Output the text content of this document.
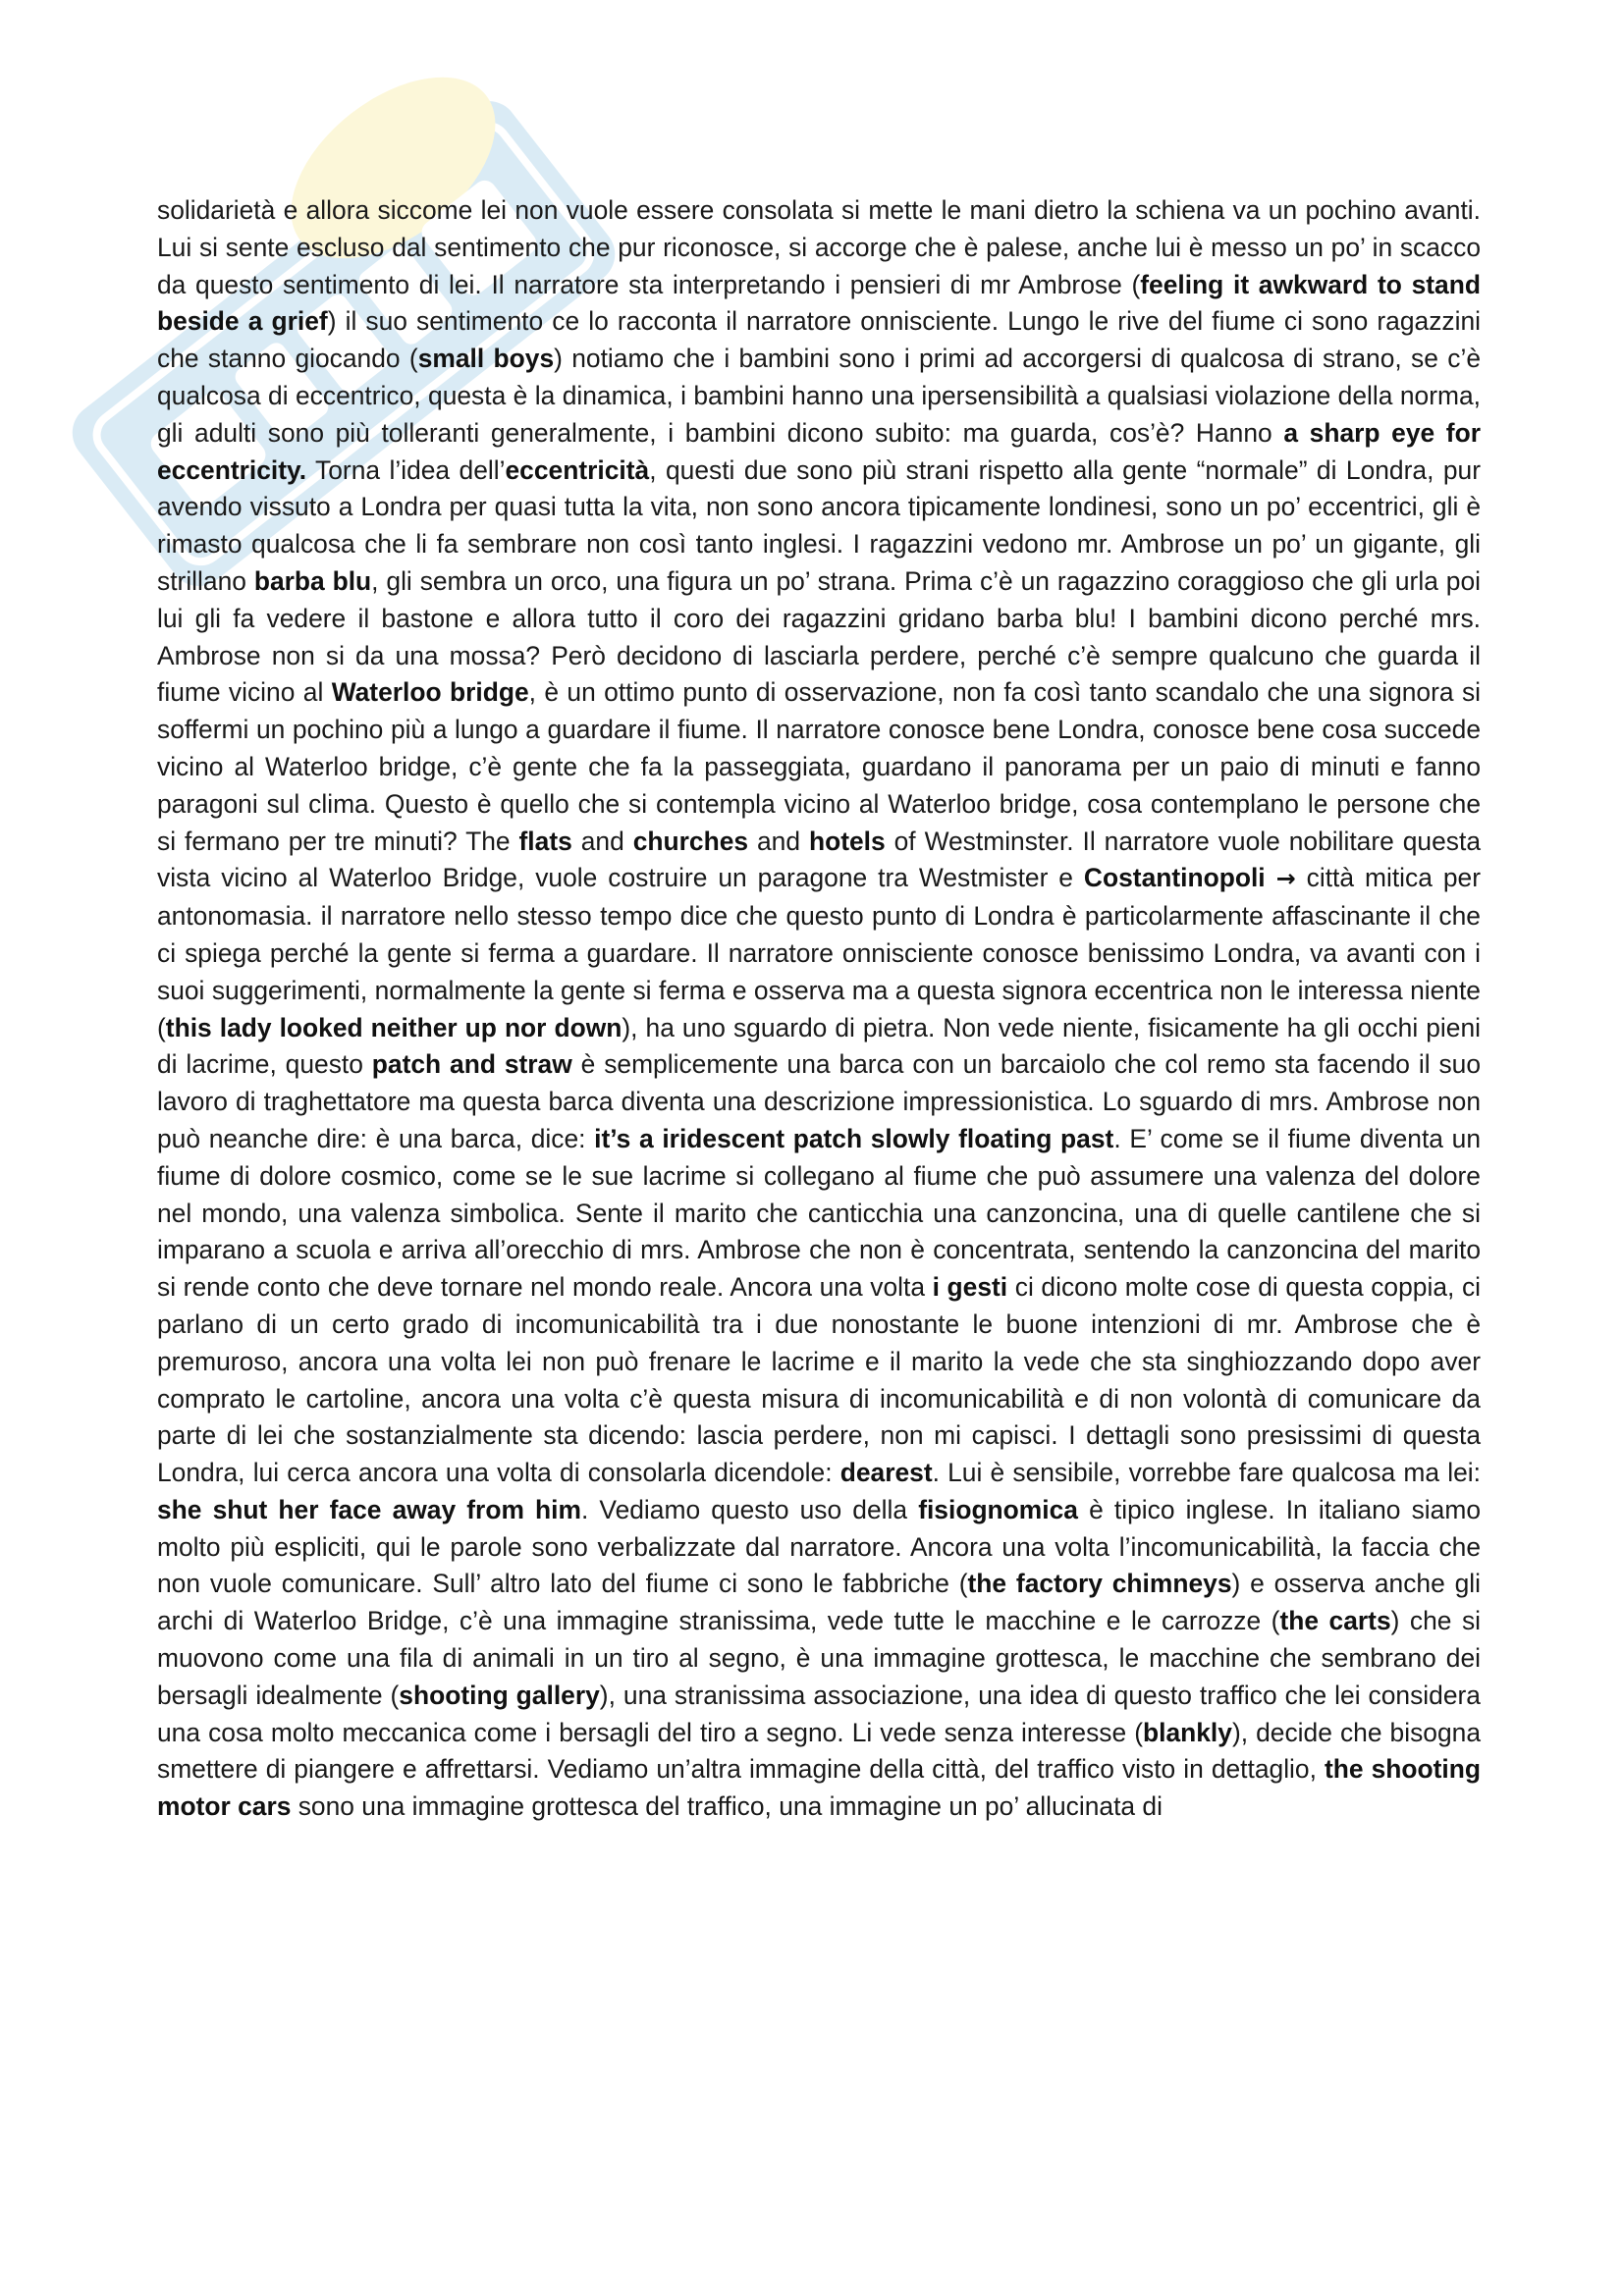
solidarietà e allora siccome lei non vuole essere consolata si mette le mani dietro la schiena va un pochino avanti. Lui si sente escluso dal sentimento che pur riconosce, si accorge che è palese, anche lui è messo un po’ in scacco da questo sentimento di lei. Il narratore sta interpretando i pensieri di mr Ambrose (feeling it awkward to stand beside a grief) il suo sentimento ce lo racconta il narratore onnisciente. Lungo le rive del fiume ci sono ragazzini che stanno giocando (small boys) notiamo che i bambini sono i primi ad accorgersi di qualcosa di strano, se c’è qualcosa di eccentrico, questa è la dinamica, i bambini hanno una ipersensibilità a qualsiasi violazione della norma, gli adulti sono più tolleranti generalmente, i bambini dicono subito: ma guarda, cos’è? Hanno a sharp eye for eccentricity. Torna l’idea dell’eccentricità, questi due sono più strani rispetto alla gente “normale” di Londra, pur avendo vissuto a Londra per quasi tutta la vita, non sono ancora tipicamente londinesi, sono un po’ eccentrici, gli è rimasto qualcosa che li fa sembrare non così tanto inglesi. I ragazzini vedono mr. Ambrose un po’ un gigante, gli strillano barba blu, gli sembra un orco, una figura un po’ strana. Prima c’è un ragazzino coraggioso che gli urla poi lui gli fa vedere il bastone e allora tutto il coro dei ragazzini gridano barba blu! I bambini dicono perché mrs. Ambrose non si da una mossa? Però decidono di lasciarla perdere, perché c’è sempre qualcuno che guarda il fiume vicino al Waterloo bridge, è un ottimo punto di osservazione, non fa così tanto scandalo che una signora si soffermi un pochino più a lungo a guardare il fiume. Il narratore conosce bene Londra, conosce bene cosa succede vicino al Waterloo bridge, c’è gente che fa la passeggiata, guardano il panorama per un paio di minuti e fanno paragoni sul clima. Questo è quello che si contempla vicino al Waterloo bridge, cosa contemplano le persone che si fermano per tre minuti? The flats and churches and hotels of Westminster. Il narratore vuole nobilitare questa vista vicino al Waterloo Bridge, vuole costruire un paragone tra Westmister e Costantinopoli → città mitica per antonomasia. il narratore nello stesso tempo dice che questo punto di Londra è particolarmente affascinante il che ci spiega perché la gente si ferma a guardare. Il narratore onnisciente conosce benissimo Londra, va avanti con i suoi suggerimenti, normalmente la gente si ferma e osserva ma a questa signora eccentrica non le interessa niente (this lady looked neither up nor down), ha uno sguardo di pietra. Non vede niente, fisicamente ha gli occhi pieni di lacrime, questo patch and straw è semplicemente una barca con un barcaiolo che col remo sta facendo il suo lavoro di traghettatore ma questa barca diventa una descrizione impressionistica. Lo sguardo di mrs. Ambrose non può neanche dire: è una barca, dice: it’s a iridescent patch slowly floating past. E’ come se il fiume diventa un fiume di dolore cosmico, come se le sue lacrime si collegano al fiume che può assumere una valenza del dolore nel mondo, una valenza simbolica. Sente il marito che canticchia una canzoncina, una di quelle cantilene che si imparano a scuola e arriva all’orecchio di mrs. Ambrose che non è concentrata, sentendo la canzoncina del marito si rende conto che deve tornare nel mondo reale. Ancora una volta i gesti ci dicono molte cose di questa coppia, ci parlano di un certo grado di incomunicabilità tra i due nonostante le buone intenzioni di mr. Ambrose che è premuroso, ancora una volta lei non può frenare le lacrime e il marito la vede che sta singhiozzando dopo aver comprato le cartoline, ancora una volta c’è questa misura di incomunicabilità e di non volontà di comunicare da parte di lei che sostanzialmente sta dicendo: lascia perdere, non mi capisci. I dettagli sono presissimi di questa Londra, lui cerca ancora una volta di consolarla dicendole: dearest. Lui è sensibile, vorrebbe fare qualcosa ma lei: she shut her face away from him. Vediamo questo uso della fisiognomica è tipico inglese. In italiano siamo molto più espliciti, qui le parole sono verbalizzate dal narratore. Ancora una volta l’incomunicabilità, la faccia che non vuole comunicare. Sull’ altro lato del fiume ci sono le fabbriche (the factory chimneys) e osserva anche gli archi di Waterloo Bridge, c’è una immagine stranissima, vede tutte le macchine e le carrozze (the carts) che si muovono come una fila di animali in un tiro al segno, è una immagine grottesca, le macchine che sembrano dei bersagli idealmente (shooting gallery), una stranissima associazione, una idea di questo traffico che lei considera una cosa molto meccanica come i bersagli del tiro a segno. Li vede senza interesse (blankly), decide che bisogna smettere di piangere e affrettarsi. Vediamo un’altra immagine della città, del traffico visto in dettaglio, the shooting motor cars sono una immagine grottesca del traffico, una immagine un po’ allucinata di
